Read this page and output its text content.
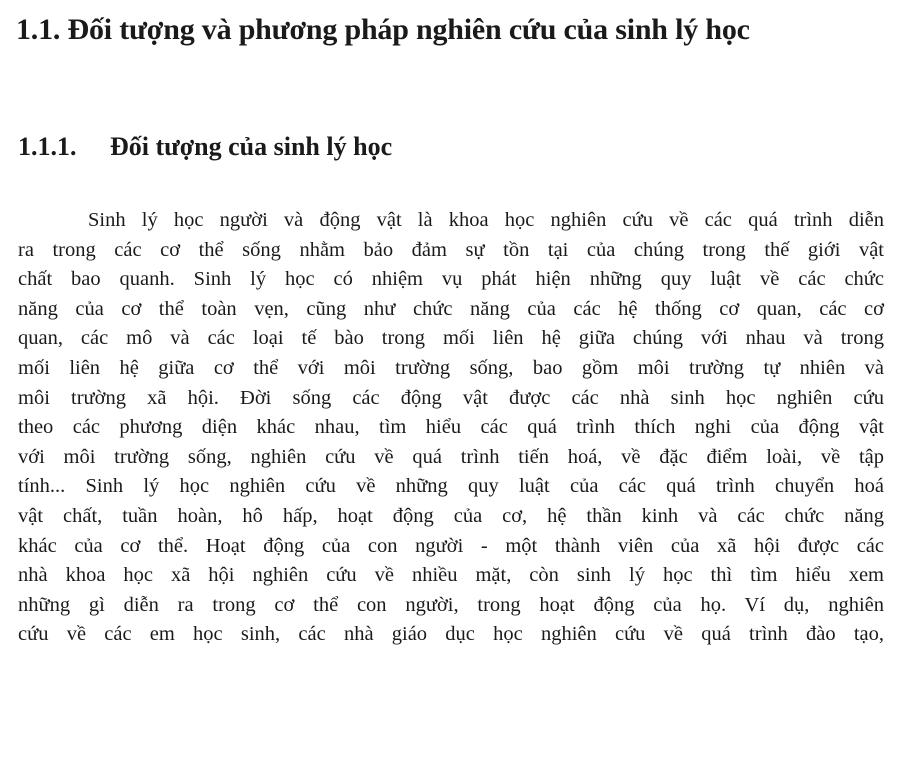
1.1. Đối tượng và phương pháp nghiên cứu của sinh lý học
1.1.1. Đối tượng của sinh lý học
Sinh lý học người và động vật là khoa học nghiên cứu về các quá trình diễn
ra trong các cơ thể sống nhằm bảo đảm sự tồn tại của chúng trong thế giới vật
chất bao quanh. Sinh lý học có nhiệm vụ phát hiện những quy luật về các chức
năng của cơ thể toàn vẹn, cũng như chức năng của các hệ thống cơ quan, các cơ
quan, các mô và các loại tế bào trong mối liên hệ giữa chúng với nhau và trong
mối liên hệ giữa cơ thể với môi trường sống, bao gồm môi trường tự nhiên và
môi trường xã hội. Đời sống các động vật được các nhà sinh học nghiên cứu
theo các phương diện khác nhau, tìm hiểu các quá trình thích nghi của động vật
với môi trường sống, nghiên cứu về quá trình tiến hoá, về đặc điểm loài, về tập
tính... Sinh lý học nghiên cứu về những quy luật của các quá trình chuyển hoá
vật chất, tuần hoàn, hô hấp, hoạt động của cơ, hệ thần kinh và các chức năng
khác của cơ thể. Hoạt động của con người - một thành viên của xã hội được các
nhà khoa học xã hội nghiên cứu về nhiều mặt, còn sinh lý học thì tìm hiểu xem
những gì diễn ra trong cơ thể con người, trong hoạt động của họ. Ví dụ, nghiên
cứu về các em học sinh, các nhà giáo dục học nghiên cứu về quá trình đào tạo,
